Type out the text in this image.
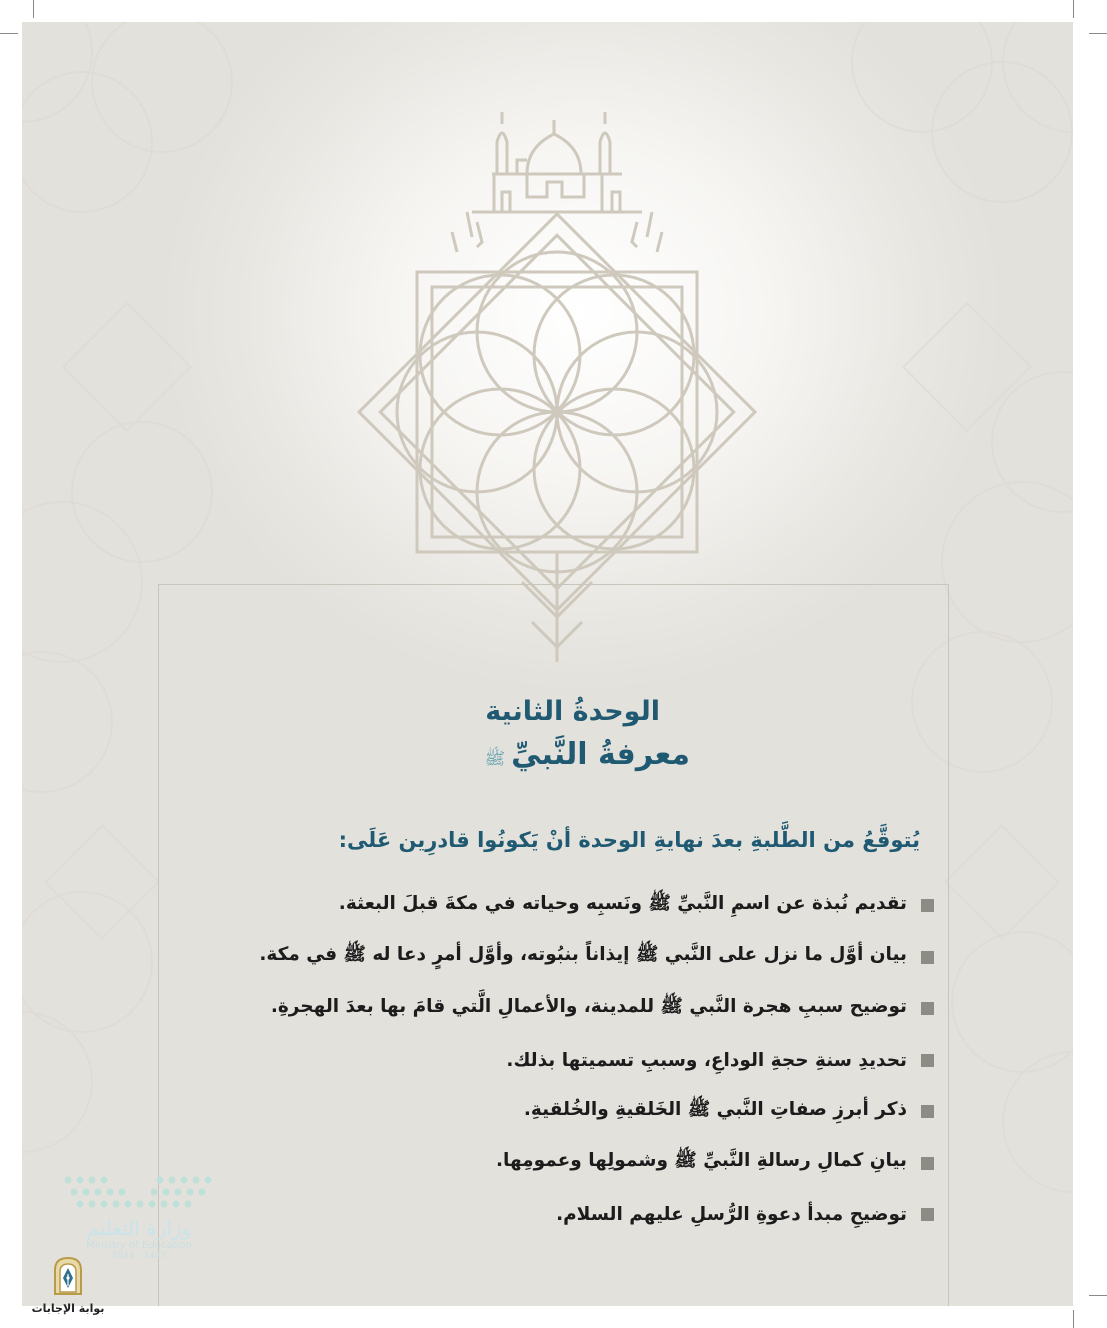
الوحدةُ الثانية
معرفةُ النَّبيِّﷺ
يُتوقَّعُ من الطَّلبةِ بعدَ نهايةِ الوحدة أنْ يَكونُوا قادرِين عَلَى:
تقديم نُبذة عن اسمِ النَّبيِّ ﷺ ونَسبِه وحياته في مكةَ قبلَ البعثة.
بيان أوَّل ما نزل على النَّبي ﷺ إيذاناً بنبُوته، وأوَّل أمرٍ دعا له ﷺ في مكة.
توضيح سببِ هجرة النَّبي ﷺ للمدينة، والأعمالِ الَّتي قامَ بها بعدَ الهجرةِ.
تحديدِ سنةِ حجةِ الوداعِ، وسببِ تسميتها بذلك.
ذكر أبرزِ صفاتِ النَّبي ﷺ الخَلقيةِ والخُلقيةِ.
بيانِ كمالِ رسالةِ النَّبيِّ ﷺ وشمولِها وعمومِها.
توضيحِ مبدأ دعوةِ الرُّسلِ عليهم السلام.
وزارة التعليم
Ministry of Education
2022 - 1447
بوابة الإجابات
